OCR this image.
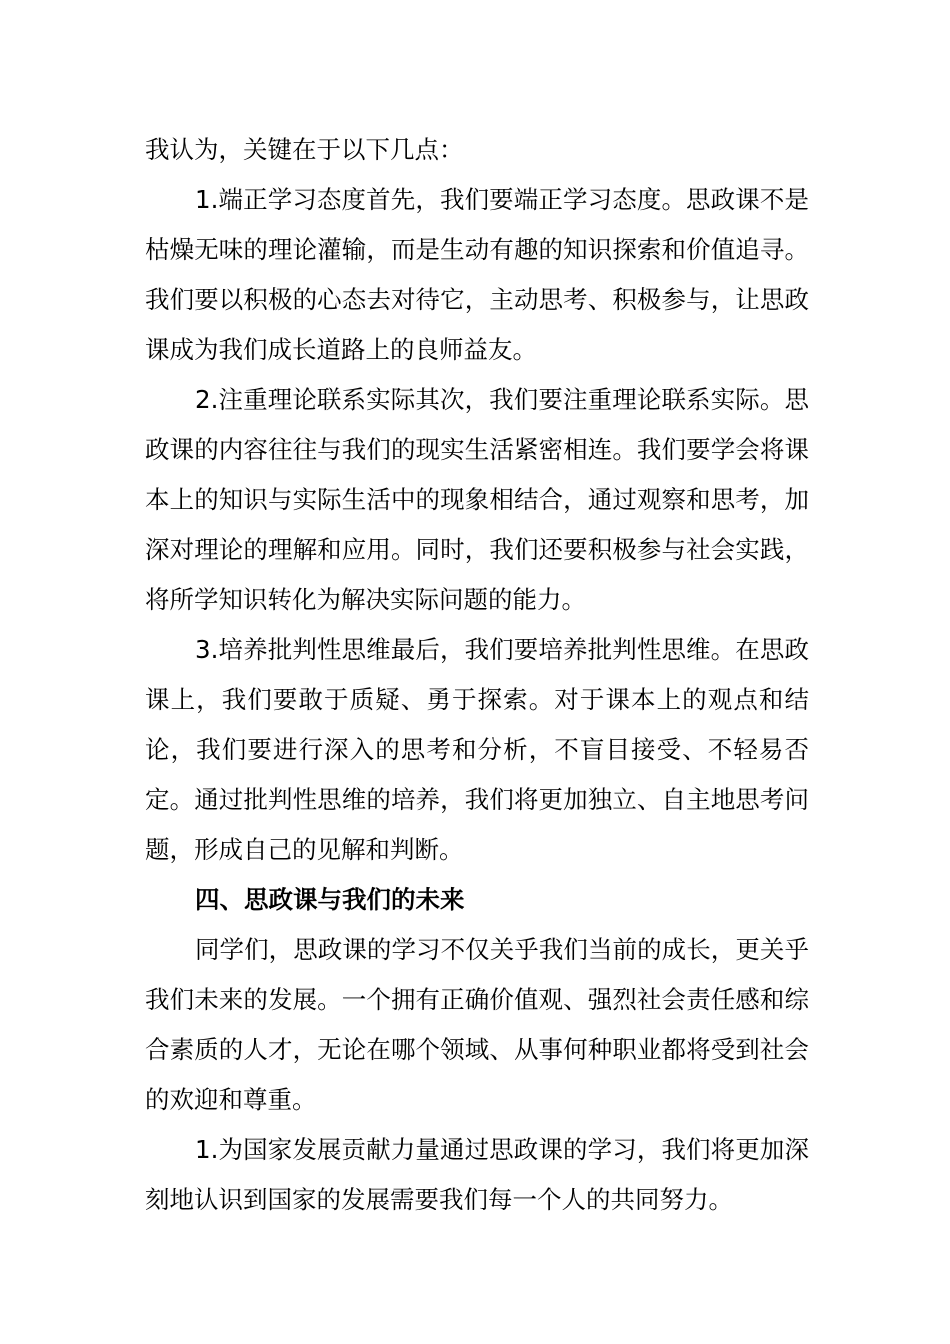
我认为，关键在于以下几点：

1.端正学习态度首先，我们要端正学习态度。思政课不是枯燥无味的理论灌输，而是生动有趣的知识探索和价值追寻。我们要以积极的心态去对待它，主动思考、积极参与，让思政课成为我们成长道路上的良师益友。

2.注重理论联系实际其次，我们要注重理论联系实际。思政课的内容往往与我们的现实生活紧密相连。我们要学会将课本上的知识与实际生活中的现象相结合，通过观察和思考，加深对理论的理解和应用。同时，我们还要积极参与社会实践，将所学知识转化为解决实际问题的能力。

3.培养批判性思维最后，我们要培养批判性思维。在思政课上，我们要敢于质疑、勇于探索。对于课本上的观点和结论，我们要进行深入的思考和分析，不盲目接受、不轻易否定。通过批判性思维的培养，我们将更加独立、自主地思考问题，形成自己的见解和判断。

四、思政课与我们的未来

同学们，思政课的学习不仅关乎我们当前的成长，更关乎我们未来的发展。一个拥有正确价值观、强烈社会责任感和综合素质的人才，无论在哪个领域、从事何种职业都将受到社会的欢迎和尊重。

1.为国家发展贡献力量通过思政课的学习，我们将更加深刻地认识到国家的发展需要我们每一个人的共同努力。
